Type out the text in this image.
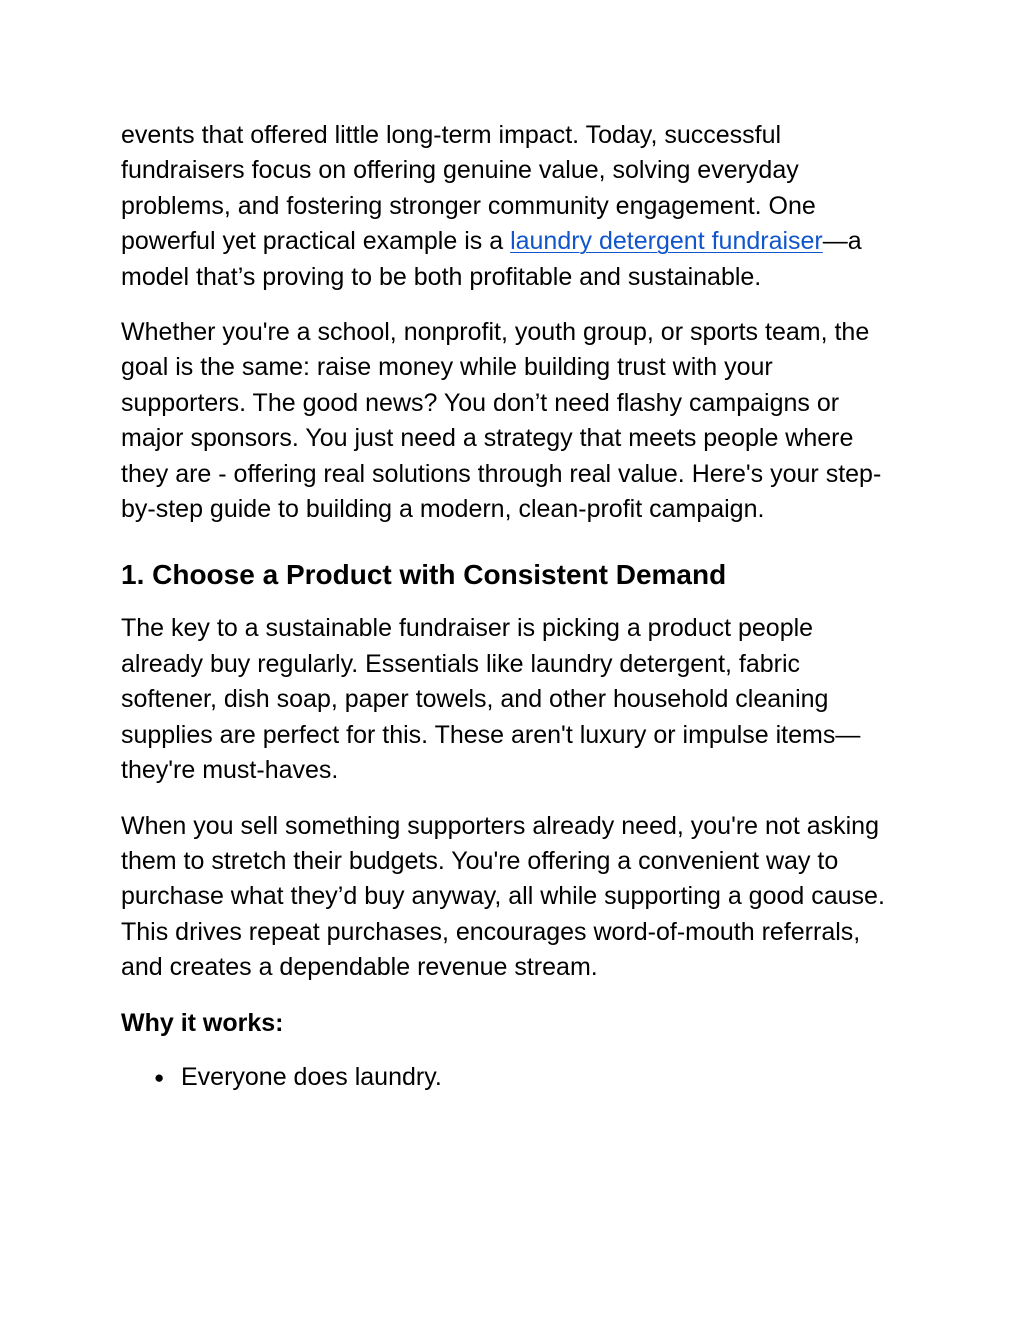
events that offered little long-term impact. Today, successful fundraisers focus on offering genuine value, solving everyday problems, and fostering stronger community engagement. One powerful yet practical example is a laundry detergent fundraiser—a model that’s proving to be both profitable and sustainable.

Whether you're a school, nonprofit, youth group, or sports team, the goal is the same: raise money while building trust with your supporters. The good news? You don’t need flashy campaigns or major sponsors. You just need a strategy that meets people where they are - offering real solutions through real value. Here's your step-by-step guide to building a modern, clean-profit campaign.

1. Choose a Product with Consistent Demand

The key to a sustainable fundraiser is picking a product people already buy regularly. Essentials like laundry detergent, fabric softener, dish soap, paper towels, and other household cleaning supplies are perfect for this. These aren't luxury or impulse items—they're must-haves.

When you sell something supporters already need, you're not asking them to stretch their budgets. You're offering a convenient way to purchase what they’d buy anyway, all while supporting a good cause. This drives repeat purchases, encourages word-of-mouth referrals, and creates a dependable revenue stream.

Why it works:

● Everyone does laundry.
